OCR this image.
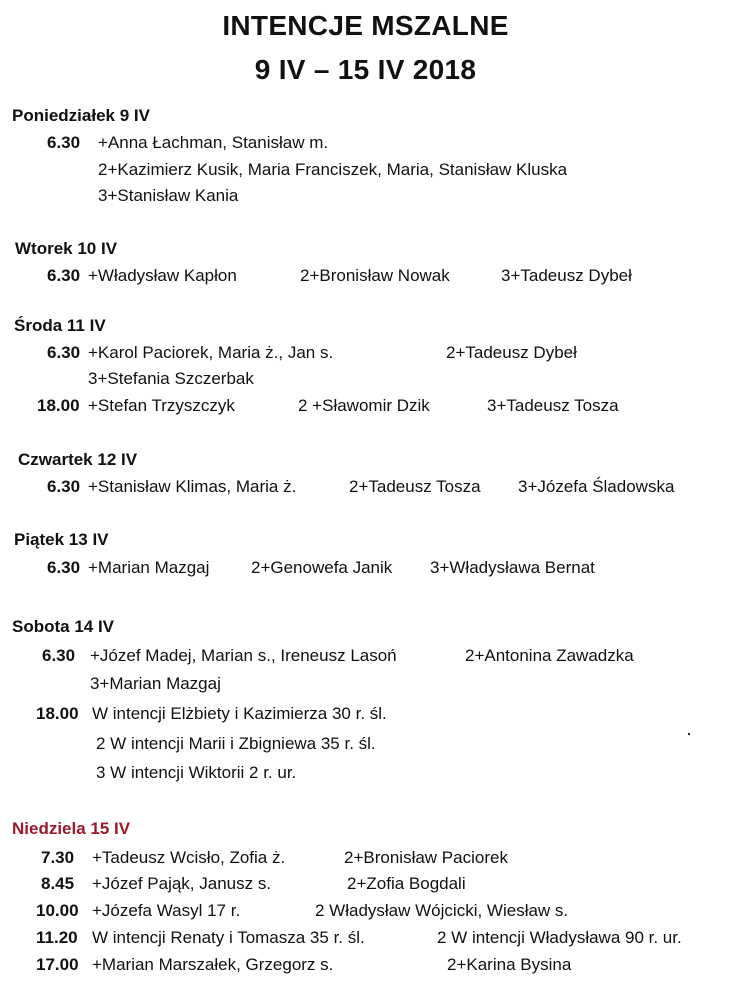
INTENCJE MSZALNE
9 IV – 15 IV 2018
Poniedziałek 9 IV
6.30 +Anna Łachman, Stanisław m.
2+Kazimierz Kusik, Maria Franciszek, Maria, Stanisław Kluska
3+Stanisław Kania
Wtorek 10 IV
6.30 +Władysław Kapłon	2+Bronisław Nowak	3+Tadeusz Dybeł
Środa 11 IV
6.30 +Karol Paciorek, Maria ż., Jan s.	2+Tadeusz Dybeł
3+Stefania Szczerbak
18.00 +Stefan Trzyszczyk	2 +Sławomir Dzik	3+Tadeusz Tosza
Czwartek 12 IV
6.30 +Stanisław Klimas, Maria ż.	2+Tadeusz Tosza 3+Józefa Śladowska
Piątek 13 IV
6.30 +Marian Mazgaj 2+Genowefa Janik 3+Władysława Bernat
Sobota 14 IV
6.30 +Józef Madej, Marian s., Ireneusz Lasoń	2+Antonina Zawadzka
3+Marian Mazgaj
18.00 W intencji Elżbiety i Kazimierza 30 r. śl.
2 W intencji Marii i Zbigniewa 35 r. śl.
3 W intencji Wiktorii 2 r. ur.
Niedziela 15 IV
7.30 +Tadeusz Wcisło, Zofia ż.	2+Bronisław Paciorek
8.45 +Józef Pająk, Janusz s.	2+Zofia Bogdali
10.00 +Józefa Wasyl 17 r.	2 Władysław Wójcicki, Wiesław s.
11.20 W intencji Renaty i Tomasza 35 r. śl.	2 W intencji Władysława 90 r. ur.
17.00 +Marian Marszałek, Grzegorz s.	2+Karina Bysina
